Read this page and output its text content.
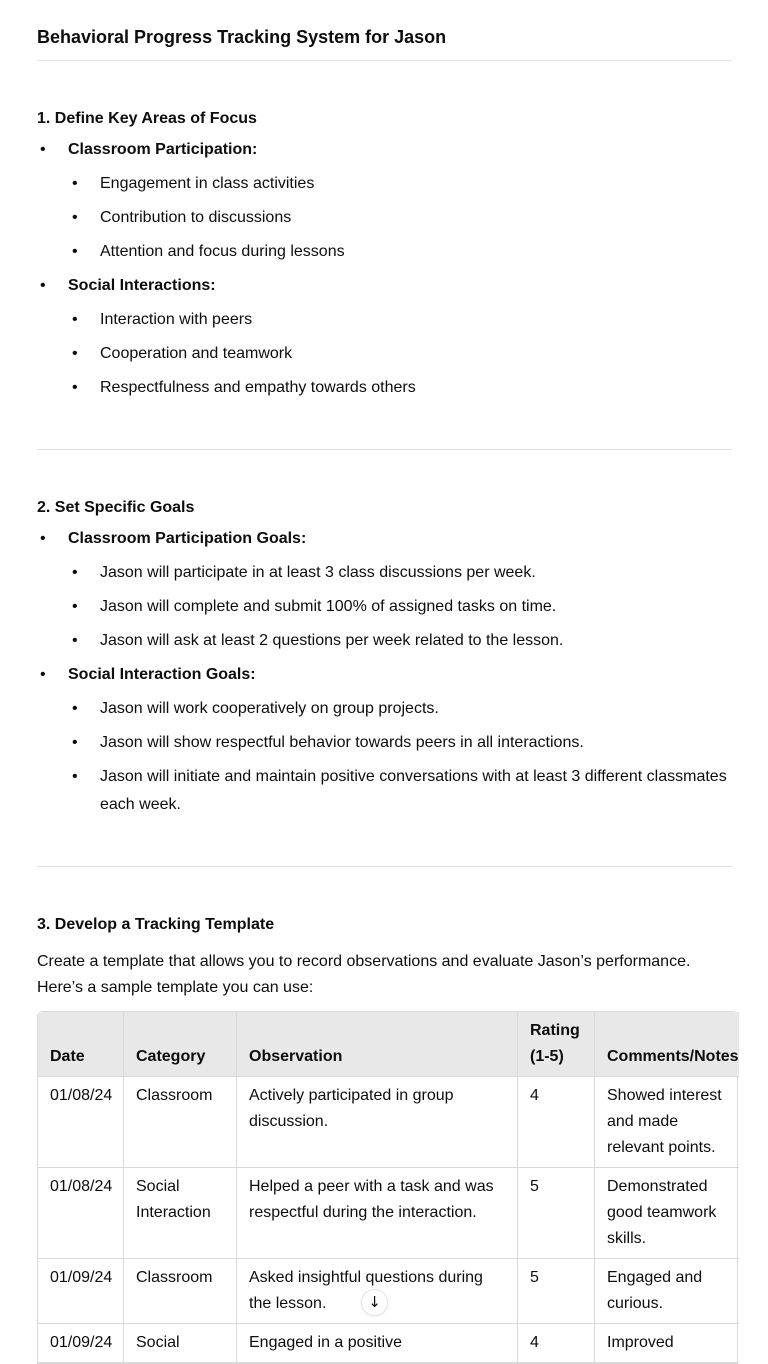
Behavioral Progress Tracking System for Jason
1. Define Key Areas of Focus
• Classroom Participation:
• Engagement in class activities
• Contribution to discussions
• Attention and focus during lessons
• Social Interactions:
• Interaction with peers
• Cooperation and teamwork
• Respectfulness and empathy towards others
2. Set Specific Goals
• Classroom Participation Goals:
• Jason will participate in at least 3 class discussions per week.
• Jason will complete and submit 100% of assigned tasks on time.
• Jason will ask at least 2 questions per week related to the lesson.
• Social Interaction Goals:
• Jason will work cooperatively on group projects.
• Jason will show respectful behavior towards peers in all interactions.
• Jason will initiate and maintain positive conversations with at least 3 different classmates each week.
3. Develop a Tracking Template

Create a template that allows you to record observations and evaluate Jason’s performance. Here’s a sample template you can use:

Date	Category	Observation	Rating (1-5)	Comments/Notes
01/08/24	Classroom	Actively participated in group discussion.	4	Showed interest and made relevant points.
01/08/24	Social Interaction	Helped a peer with a task and was respectful during the interaction.	5	Demonstrated good teamwork skills.
01/09/24	Classroom	Asked insightful questions during the lesson.	5	Engaged and curious.
01/09/24	Social	Engaged in a positive	4	Improved
↓
